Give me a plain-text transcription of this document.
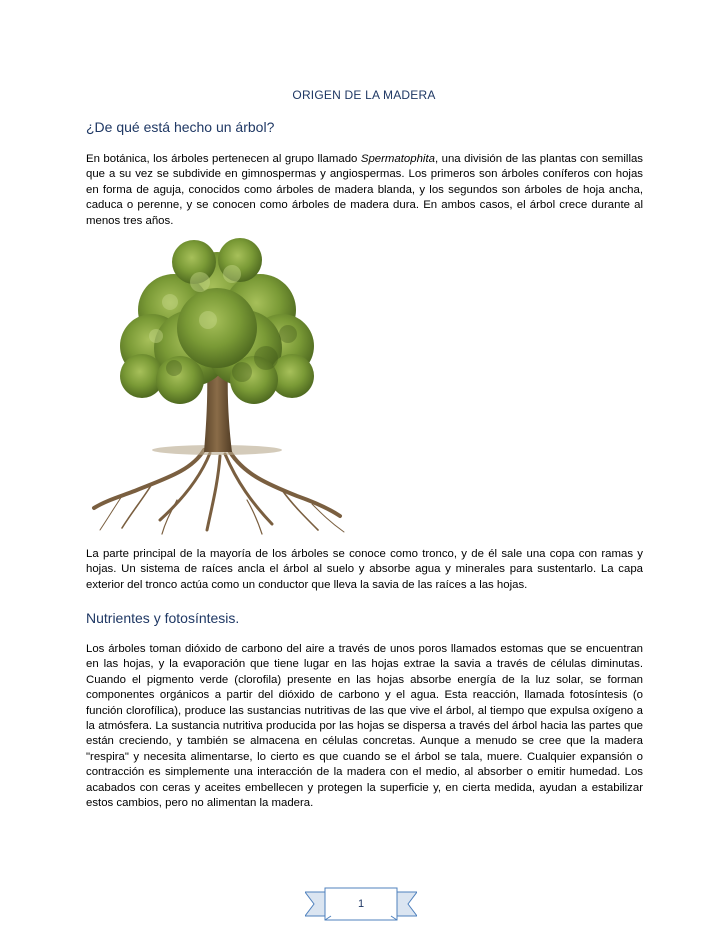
ORIGEN DE LA MADERA
¿De qué está hecho un árbol?

En botánica, los árboles pertenecen al grupo llamado Spermatophita, una división de las plantas con semillas que a su vez se subdivide en gimnospermas y angiospermas. Los primeros son árboles coníferos con hojas en forma de aguja, conocidos como árboles de madera blanda, y los segundos son árboles de hoja ancha, caduca o perenne, y se conocen como árboles de madera dura. En ambos casos, el árbol crece durante al menos tres años.

La parte principal de la mayoría de los árboles se conoce como tronco, y de él sale una copa con ramas y hojas. Un sistema de raíces ancla el árbol al suelo y absorbe agua y minerales para sustentarlo. La capa exterior del tronco actúa como un conductor que lleva la savia de las raíces a las hojas.

Nutrientes y fotosíntesis.

Los árboles toman dióxido de carbono del aire a través de unos poros llamados estomas que se encuentran en las hojas, y la evaporación que tiene lugar en las hojas extrae la savia a través de células diminutas. Cuando el pigmento verde (clorofila) presente en las hojas absorbe energía de la luz solar, se forman componentes orgánicos a partir del dióxido de carbono y el agua. Esta reacción, llamada fotosíntesis (o función clorofílica), produce las sustancias nutritivas de las que vive el árbol, al tiempo que expulsa oxígeno a la atmósfera. La sustancia nutritiva producida por las hojas se dispersa a través del árbol hacia las partes que están creciendo, y también se almacena en células concretas. Aunque a menudo se cree que la madera "respira" y necesita alimentarse, lo cierto es que cuando se el árbol se tala, muere. Cualquier expansión o contracción es simplemente una interacción de la madera con el medio, al absorber o emitir humedad. Los acabados con ceras y aceites embellecen y protegen la superficie y, en cierta medida, ayudan a estabilizar estos cambios, pero no alimentan la madera.

1
